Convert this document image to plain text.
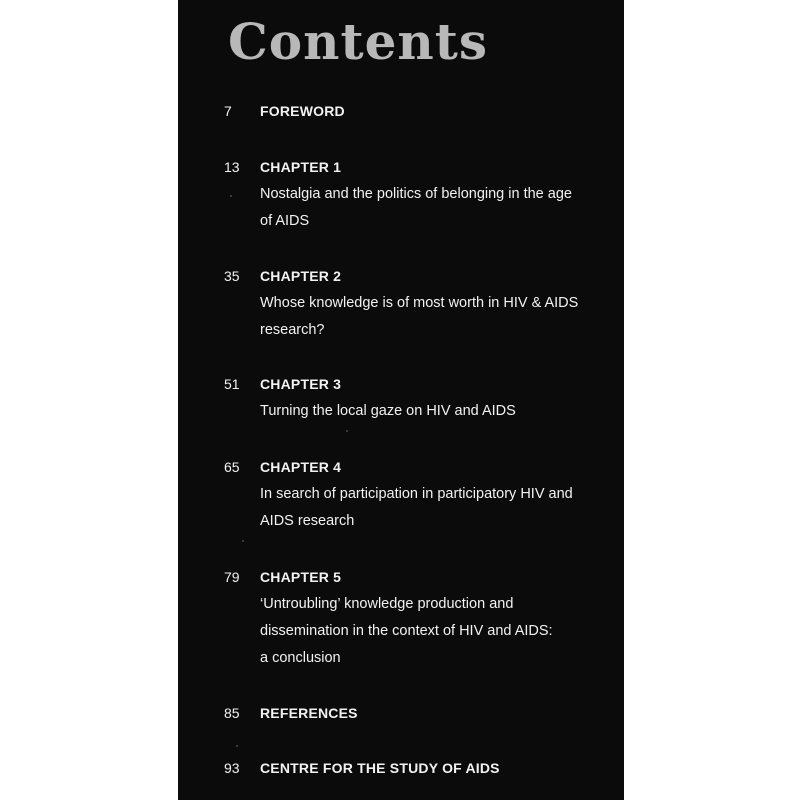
Contents
7	FOREWORD
13	CHAPTER 1
Nostalgia and the politics of belonging in the age
of AIDS
35	CHAPTER 2
Whose knowledge is of most worth in HIV & AIDS
research?
51	CHAPTER 3
Turning the local gaze on HIV and AIDS
65	CHAPTER 4
In search of participation in participatory HIV and
AIDS research
79	CHAPTER 5
‘Untroubling’ knowledge production and
dissemination in the context of HIV and AIDS:
a conclusion
85	REFERENCES
93	CENTRE FOR THE STUDY OF AIDS
